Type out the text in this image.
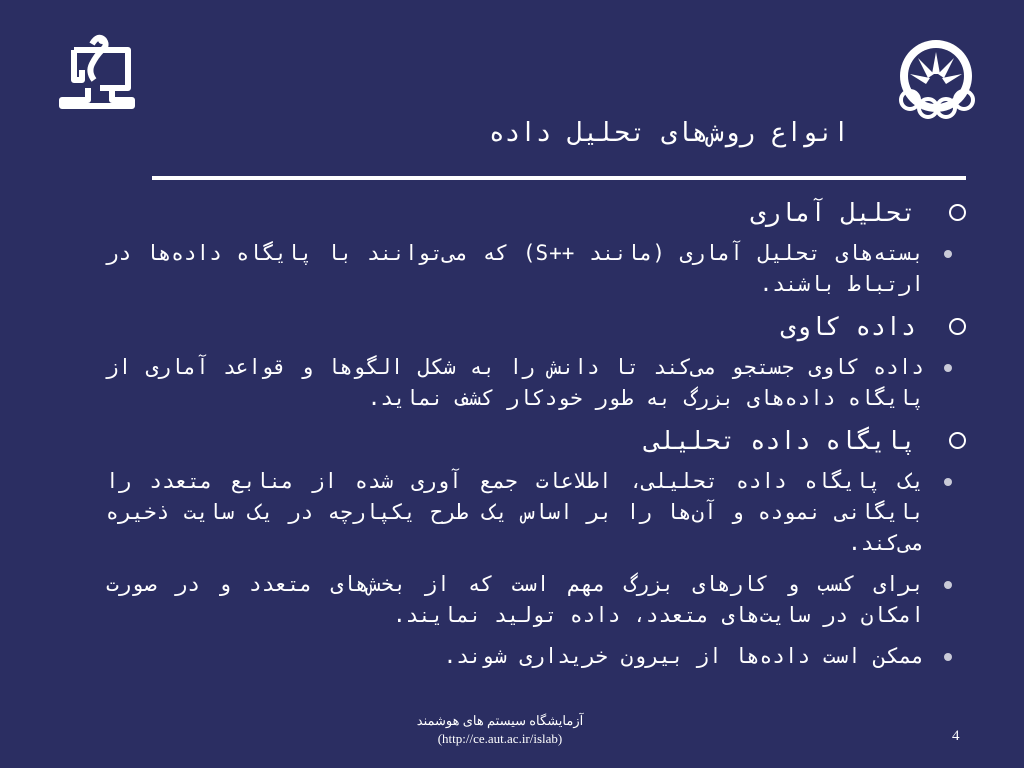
انواع روش‌های تحلیل داده
تحلیل آماری
بسته‌های تحلیل آماری (مانند ++S) که می‌توانند با پایگاه داده‌ها در ارتباط باشند.
داده کاوی
داده کاوی جستجو می‌کند تا دانش را به شکل الگوها و قواعد آماری از پایگاه داده‌های بزرگ به طور خودکار کشف نماید.
پایگاه داده تحلیلی
یک پایگاه داده تحلیلی، اطلاعات جمع آوری شده از منابع متعدد را بایگانی نموده و آن‌ها را بر اساس یک طرح یکپارچه در یک سایت ذخیره می‌کند.
برای کسب و کارهای بزرگ مهم است که از بخش‌های متعدد و در صورت امکان در سایت‌های متعدد، داده تولید نمایند.
ممکن است داده‌ها از بیرون خریداری شوند.
آزمایشگاه سیستم های هوشمند
(http://ce.aut.ac.ir/islab)	4
